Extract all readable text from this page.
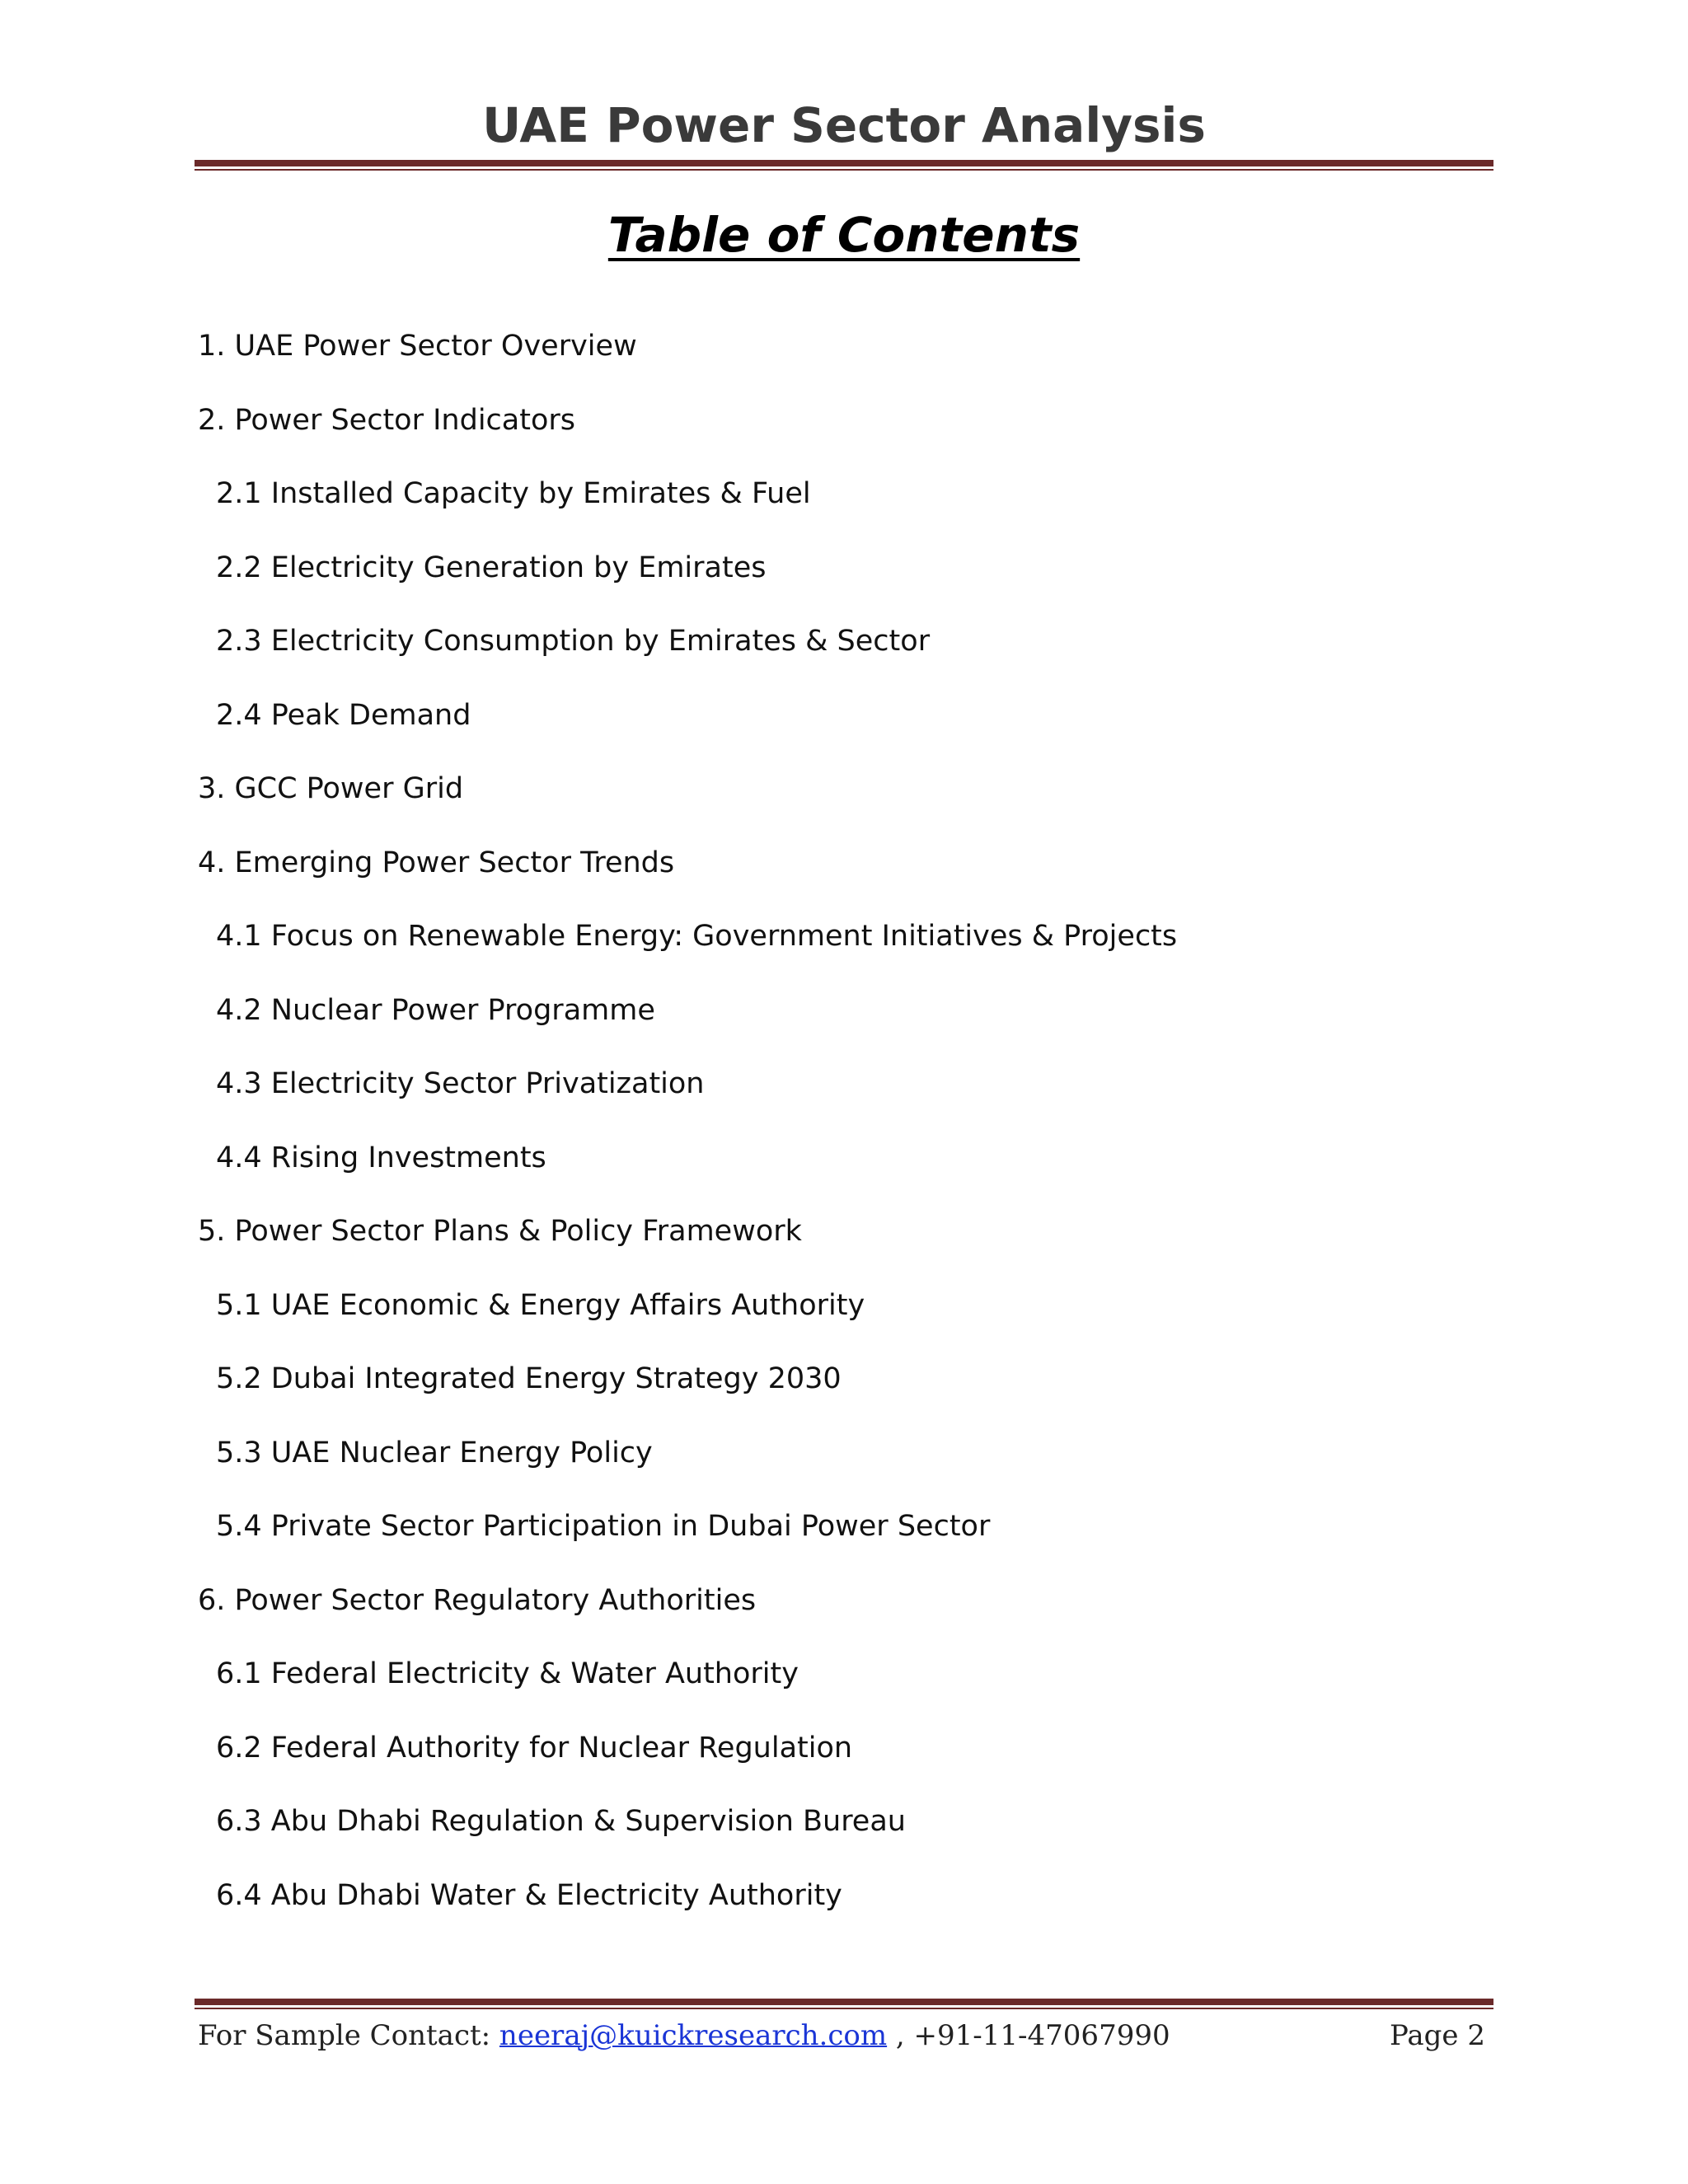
UAE Power Sector Analysis
Table of Contents
1. UAE Power Sector Overview
2. Power Sector Indicators
2.1 Installed Capacity by Emirates & Fuel
2.2 Electricity Generation by Emirates
2.3 Electricity Consumption by Emirates & Sector
2.4 Peak Demand
3. GCC Power Grid
4. Emerging Power Sector Trends
4.1 Focus on Renewable Energy: Government Initiatives & Projects
4.2 Nuclear Power Programme
4.3 Electricity Sector Privatization
4.4 Rising Investments
5. Power Sector Plans & Policy Framework
5.1 UAE Economic & Energy Affairs Authority
5.2 Dubai Integrated Energy Strategy 2030
5.3 UAE Nuclear Energy Policy
5.4 Private Sector Participation in Dubai Power Sector
6. Power Sector Regulatory Authorities
6.1 Federal Electricity & Water Authority
6.2 Federal Authority for Nuclear Regulation
6.3 Abu Dhabi Regulation & Supervision Bureau
6.4 Abu Dhabi Water & Electricity Authority
For Sample Contact: neeraj@kuickresearch.com , +91-11-47067990	Page 2
